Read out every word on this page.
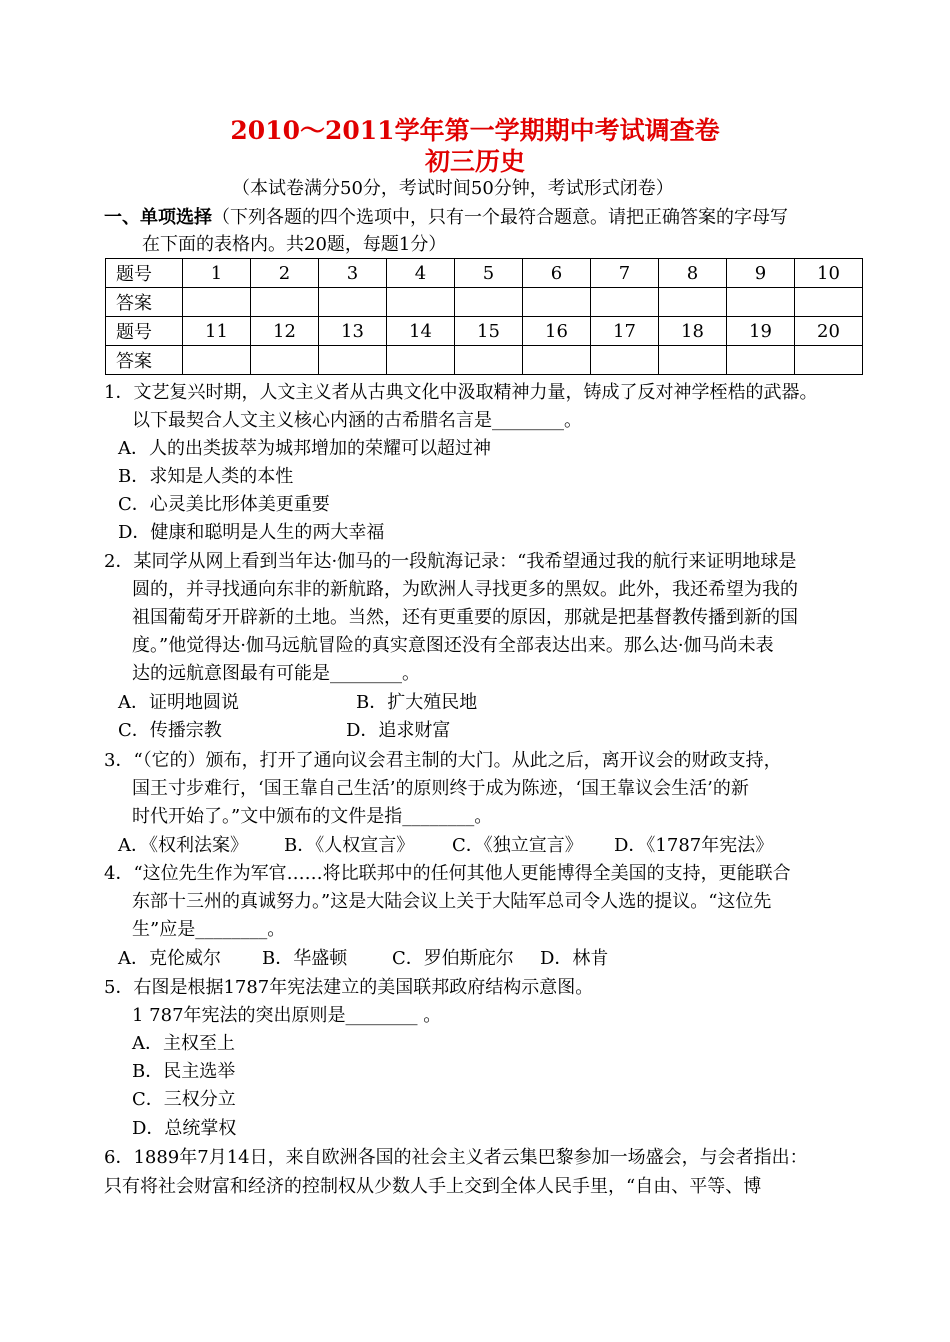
2010～2011学年第一学期期中考试调查卷
初三历史
（本试卷满分50分，考试时间50分钟，考试形式闭卷）
一、单项选择（下列各题的四个选项中，只有一个最符合题意。请把正确答案的字母写
在下面的表格内。共20题，每题1分）
题号	1	2	3	4	5	6	7	8	9	10
答案										
题号	11	12	13	14	15	16	17	18	19	20
答案										
1．文艺复兴时期，人文主义者从古典文化中汲取精神力量，铸成了反对神学桎梏的武器。
以下最契合人文主义核心内涵的古希腊名言是________。
A．人的出类拔萃为城邦增加的荣耀可以超过神
B．求知是人类的本性
C．心灵美比形体美更重要
D．健康和聪明是人生的两大幸福
2．某同学从网上看到当年达·伽马的一段航海记录：“我希望通过我的航行来证明地球是
圆的，并寻找通向东非的新航路，为欧洲人寻找更多的黑奴。此外，我还希望为我的
祖国葡萄牙开辟新的土地。当然，还有更重要的原因，那就是把基督教传播到新的国
度。”他觉得达·伽马远航冒险的真实意图还没有全部表达出来。那么达·伽马尚未表
达的远航意图最有可能是________。
A．证明地圆说	B．扩大殖民地
C．传播宗教	D．追求财富
3．“（它的）颁布，打开了通向议会君主制的大门。从此之后，离开议会的财政支持，
国王寸步难行，‘国王靠自己生活’的原则终于成为陈迹，‘国王靠议会生活’的新
时代开始了。”文中颁布的文件是指________。
A．《权利法案》 B．《人权宣言》 C．《独立宣言》 D．《1787年宪法》
4．“这位先生作为军官……将比联邦中的任何其他人更能博得全美国的支持，更能联合
东部十三州的真诚努力。”这是大陆会议上关于大陆军总司令人选的提议。“这位先
生”应是________。
A．克伦威尔 B．华盛顿 C．罗伯斯庇尔 D．林肯
5．右图是根据1787年宪法建立的美国联邦政府结构示意图。
1 787年宪法的突出原则是________ 。
A．主权至上
B．民主选举
C．三权分立
D．总统掌权
6．1889年7月14日，来自欧洲各国的社会主义者云集巴黎参加一场盛会，与会者指出：
只有将社会财富和经济的控制权从少数人手上交到全体人民手里，“自由、平等、博
